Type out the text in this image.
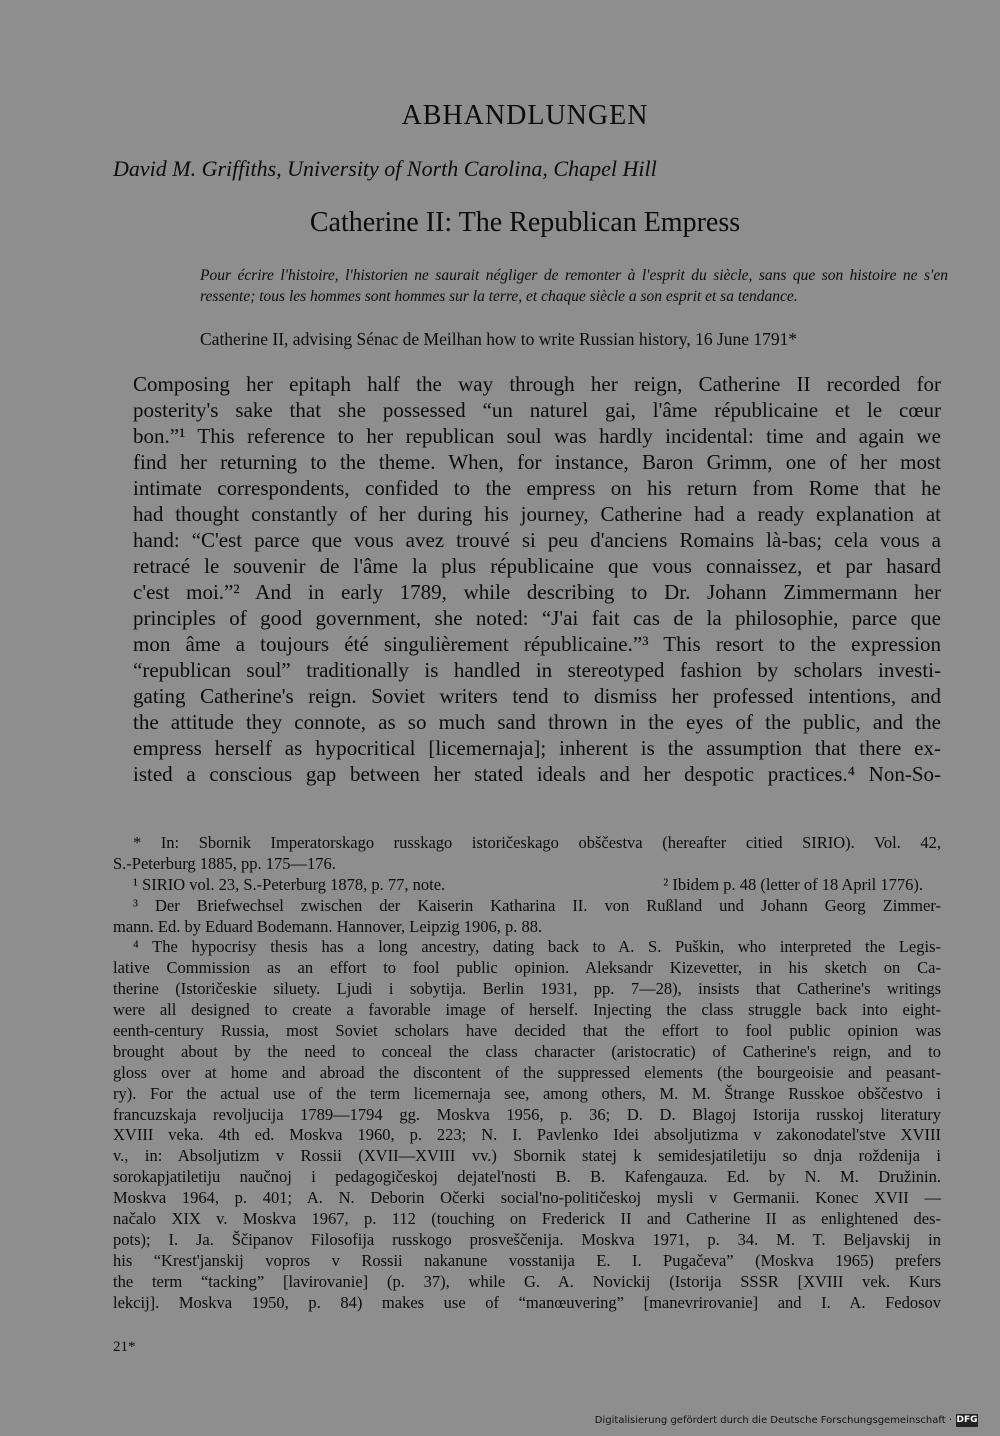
ABHANDLUNGEN
David M. Griffiths, University of North Carolina, Chapel Hill
Catherine II: The Republican Empress
Pour écrire l'histoire, l'historien ne saurait négliger de remonter à l'esprit du siècle, sans que son histoire ne s'en ressente; tous les hommes sont hommes sur la terre, et chaque siècle a son esprit et sa tendance.
Catherine II, advising Sénac de Meilhan how to write Russian history, 16 June 1791*
Composing her epitaph half the way through her reign, Catherine II recorded for
posterity's sake that she possessed “un naturel gai, l'âme républicaine et le cœur
bon.”¹ This reference to her republican soul was hardly incidental: time and again we
find her returning to the theme. When, for instance, Baron Grimm, one of her most
intimate correspondents, confided to the empress on his return from Rome that he
had thought constantly of her during his journey, Catherine had a ready explanation at
hand: “C'est parce que vous avez trouvé si peu d'anciens Romains là-bas; cela vous a
retracé le souvenir de l'âme la plus républicaine que vous connaissez, et par hasard
c'est moi.”² And in early 1789, while describing to Dr. Johann Zimmermann her
principles of good government, she noted: “J'ai fait cas de la philosophie, parce que
mon âme a toujours été singulièrement républicaine.”³ This resort to the expression
“republican soul” traditionally is handled in stereotyped fashion by scholars investi-
gating Catherine's reign. Soviet writers tend to dismiss her professed intentions, and
the attitude they connote, as so much sand thrown in the eyes of the public, and the
empress herself as hypocritical [licemernaja]; inherent is the assumption that there ex-
isted a conscious gap between her stated ideals and her despotic practices.⁴ Non-So-
* In: Sbornik Imperatorskago russkago istoričeskago obščestva (hereafter citied SIRIO). Vol. 42,
S.-Peterburg 1885, pp. 175—176.
¹ SIRIO vol. 23, S.-Peterburg 1878, p. 77, note.	² Ibidem p. 48 (letter of 18 April 1776).
³ Der Briefwechsel zwischen der Kaiserin Katharina II. von Rußland und Johann Georg Zimmer-
mann. Ed. by Eduard Bodemann. Hannover, Leipzig 1906, p. 88.
⁴ The hypocrisy thesis has a long ancestry, dating back to A. S. Puškin, who interpreted the Legis-
lative Commission as an effort to fool public opinion. Aleksandr Kizevetter, in his sketch on Ca-
therine (Istoričeskie siluety. Ljudi i sobytija. Berlin 1931, pp. 7—28), insists that Catherine's writings
were all designed to create a favorable image of herself. Injecting the class struggle back into eight-
eenth-century Russia, most Soviet scholars have decided that the effort to fool public opinion was
brought about by the need to conceal the class character (aristocratic) of Catherine's reign, and to
gloss over at home and abroad the discontent of the suppressed elements (the bourgeoisie and peasant-
ry). For the actual use of the term licemernaja see, among others, M. M. Štrange Russkoe obščestvo i
francuzskaja revoljucija 1789—1794 gg. Moskva 1956, p. 36; D. D. Blagoj Istorija russkoj literatury
XVIII veka. 4th ed. Moskva 1960, p. 223; N. I. Pavlenko Idei absoljutizma v zakonodatel'stve XVIII
v., in: Absoljutizm v Rossii (XVII—XVIII vv.) Sbornik statej k semidesjatiletiju so dnja roždenija i
sorokapjatiletiju naučnoj i pedagogičeskoj dejatel'nosti B. B. Kafengauza. Ed. by N. M. Družinin.
Moskva 1964, p. 401; A. N. Deborin Očerki social'no-političeskoj mysli v Germanii. Konec XVII —
načalo XIX v. Moskva 1967, p. 112 (touching on Frederick II and Catherine II as enlightened des-
pots); I. Ja. Ščipanov Filosofija russkogo prosveščenija. Moskva 1971, p. 34. M. T. Beljavskij in
his “Krest'janskij vopros v Rossii nakanune vosstanija E. I. Pugačeva” (Moskva 1965) prefers
the term “tacking” [lavirovanie] (p. 37), while G. A. Novickij (Istorija SSSR [XVIII vek. Kurs
lekcij]. Moskva 1950, p. 84) makes use of “manœuvering” [manevrirovanie] and I. A. Fedosov
21*
Digitalisierung gefördert durch die Deutsche Forschungsgemeinschaft · DFG
